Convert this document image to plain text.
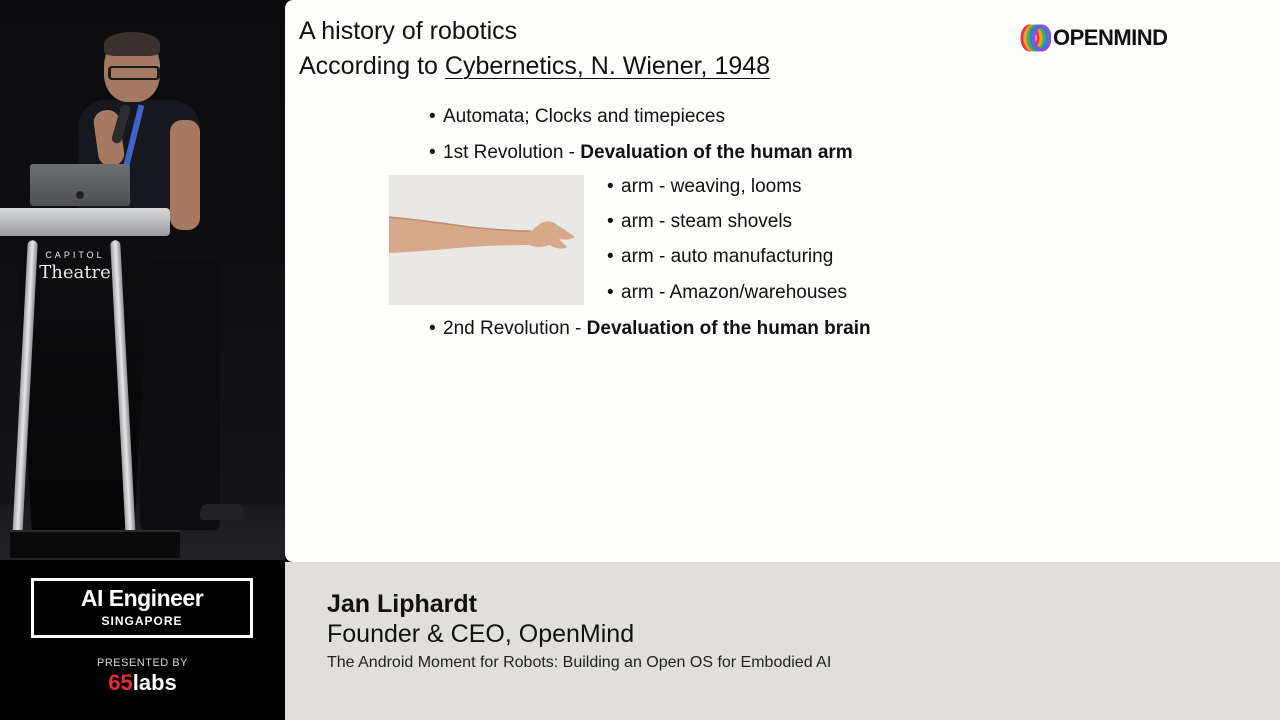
CAPITOL
Theatre
A history of robotics
According to Cybernetics, N. Wiener, 1948
OPENMIND
• Automata; Clocks and timepieces
• 1st Revolution - Devaluation of the human arm
• arm - weaving, looms
• arm - steam shovels
• arm - auto manufacturing
• arm - Amazon/warehouses
• 2nd Revolution - Devaluation of the human brain
AI Engineer
SINGAPORE
PRESENTED BY
65labs
Jan Liphardt
Founder & CEO, OpenMind
The Android Moment for Robots: Building an Open OS for Embodied AI
